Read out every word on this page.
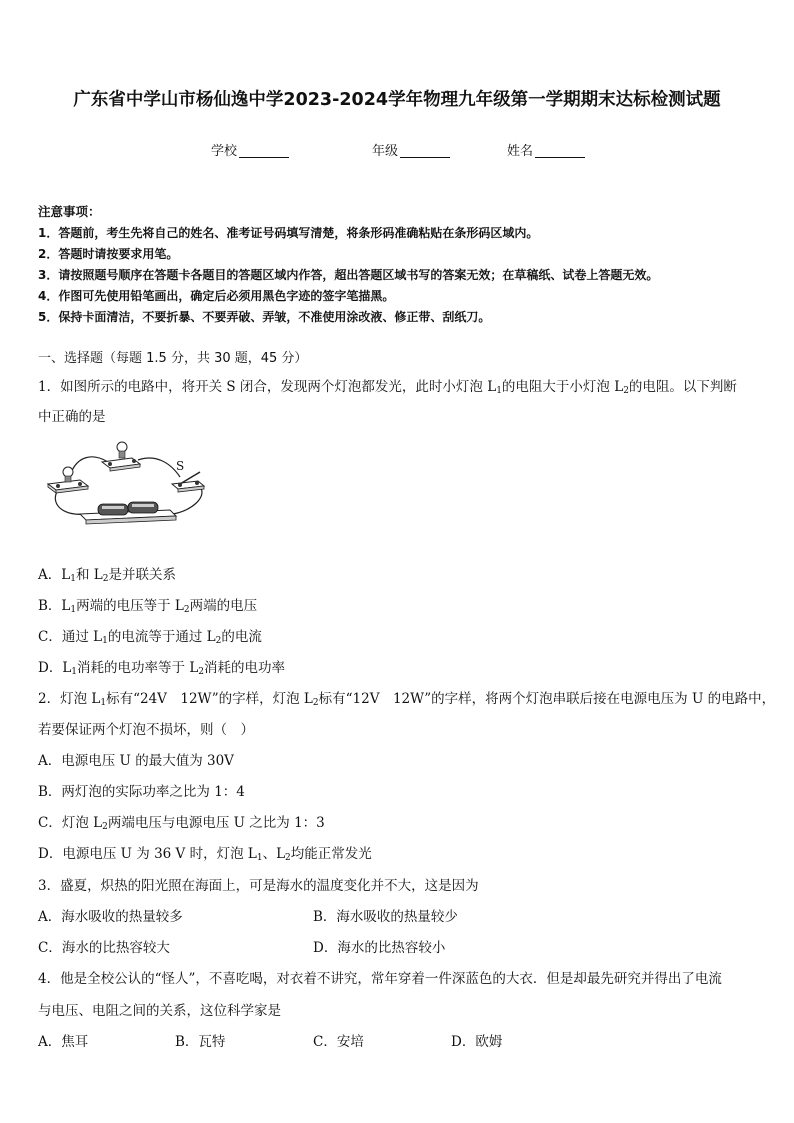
广东省中学山市杨仙逸中学2023-2024学年物理九年级第一学期期末达标检测试题
学校	年级	姓名
注意事项：
1．答题前，考生先将自己的姓名、准考证号码填写清楚，将条形码准确粘贴在条形码区域内。
2．答题时请按要求用笔。
3．请按照题号顺序在答题卡各题目的答题区域内作答，超出答题区域书写的答案无效；在草稿纸、试卷上答题无效。
4．作图可先使用铅笔画出，确定后必须用黑色字迹的签字笔描黑。
5．保持卡面清洁，不要折暴、不要弄破、弄皱，不准使用涂改液、修正带、刮纸刀。
一、选择题（每题 1.5 分，共 30 题，45 分）
1．如图所示的电路中，将开关 S 闭合，发现两个灯泡都发光，此时小灯泡 $L_1$的电阻大于小灯泡 $L_2$的电阻。以下判断
中正确的是
S
A．$L_1$和 $L_2$是并联关系
B．$L_1$两端的电压等于 $L_2$两端的电压
C．通过 $L_1$的电流等于通过 $L_2$的电流
D．$L_1$消耗的电功率等于 $L_2$消耗的电功率
2．灯泡 $L_1$标有“24V　12W”的字样，灯泡 $L_2$标有“12V　12W”的字样，将两个灯泡串联后接在电源电压为 U 的电路中，
若要保证两个灯泡不损坏，则（　）
A．电源电压 U 的最大值为 30V
B．两灯泡的实际功率之比为 1：4
C．灯泡 $L_2$两端电压与电源电压 U 之比为 1：3
D．电源电压 U 为 36 V 时，灯泡 $L_1$、$L_2$均能正常发光
3．盛夏，炽热的阳光照在海面上，可是海水的温度变化并不大，这是因为
A．海水吸收的热量较多	B．海水吸收的热量较少
C．海水的比热容较大	D．海水的比热容较小
4．他是全校公认的“怪人”，不喜吃喝，对衣着不讲究，常年穿着一件深蓝色的大衣．但是却最先研究并得出了电流
与电压、电阻之间的关系，这位科学家是
A．焦耳	B．瓦特	C．安培	D．欧姆
